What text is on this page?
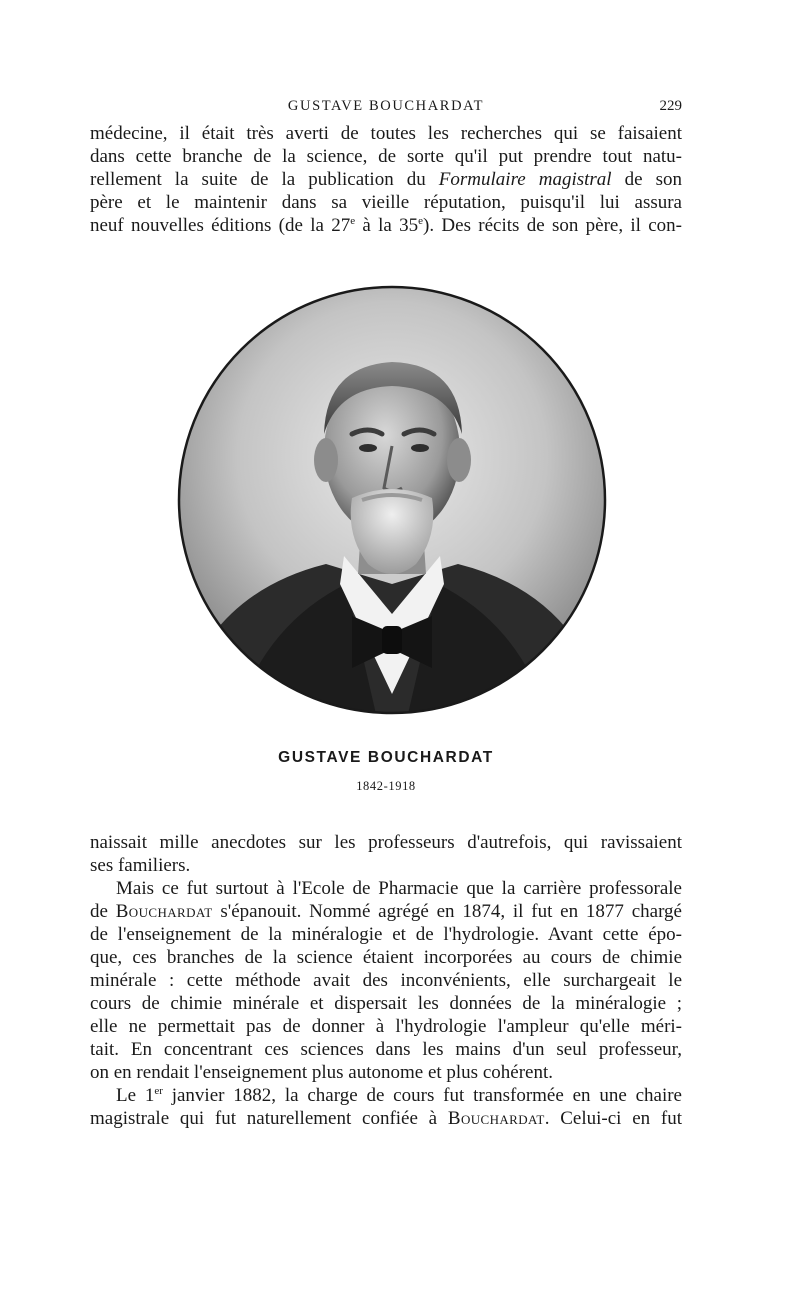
GUSTAVE BOUCHARDAT	229
médecine, il était très averti de toutes les recherches qui se faisaient
dans cette branche de la science, de sorte qu'il put prendre tout natu-
rellement la suite de la publication du Formulaire magistral de son
père et le maintenir dans sa vieille réputation, puisqu'il lui assura
neuf nouvelles éditions (de la 27e à la 35e). Des récits de son père, il con-
GUSTAVE BOUCHARDAT
1842-1918
naissait mille anecdotes sur les professeurs d'autrefois, qui ravissaient
ses familiers.
Mais ce fut surtout à l'Ecole de Pharmacie que la carrière professorale
de Bouchardat s'épanouit. Nommé agrégé en 1874, il fut en 1877 chargé
de l'enseignement de la minéralogie et de l'hydrologie. Avant cette épo-
que, ces branches de la science étaient incorporées au cours de chimie
minérale : cette méthode avait des inconvénients, elle surchargeait le
cours de chimie minérale et dispersait les données de la minéralogie ;
elle ne permettait pas de donner à l'hydrologie l'ampleur qu'elle méri-
tait. En concentrant ces sciences dans les mains d'un seul professeur,
on en rendait l'enseignement plus autonome et plus cohérent.
Le 1er janvier 1882, la charge de cours fut transformée en une chaire
magistrale qui fut naturellement confiée à Bouchardat. Celui-ci en fut
